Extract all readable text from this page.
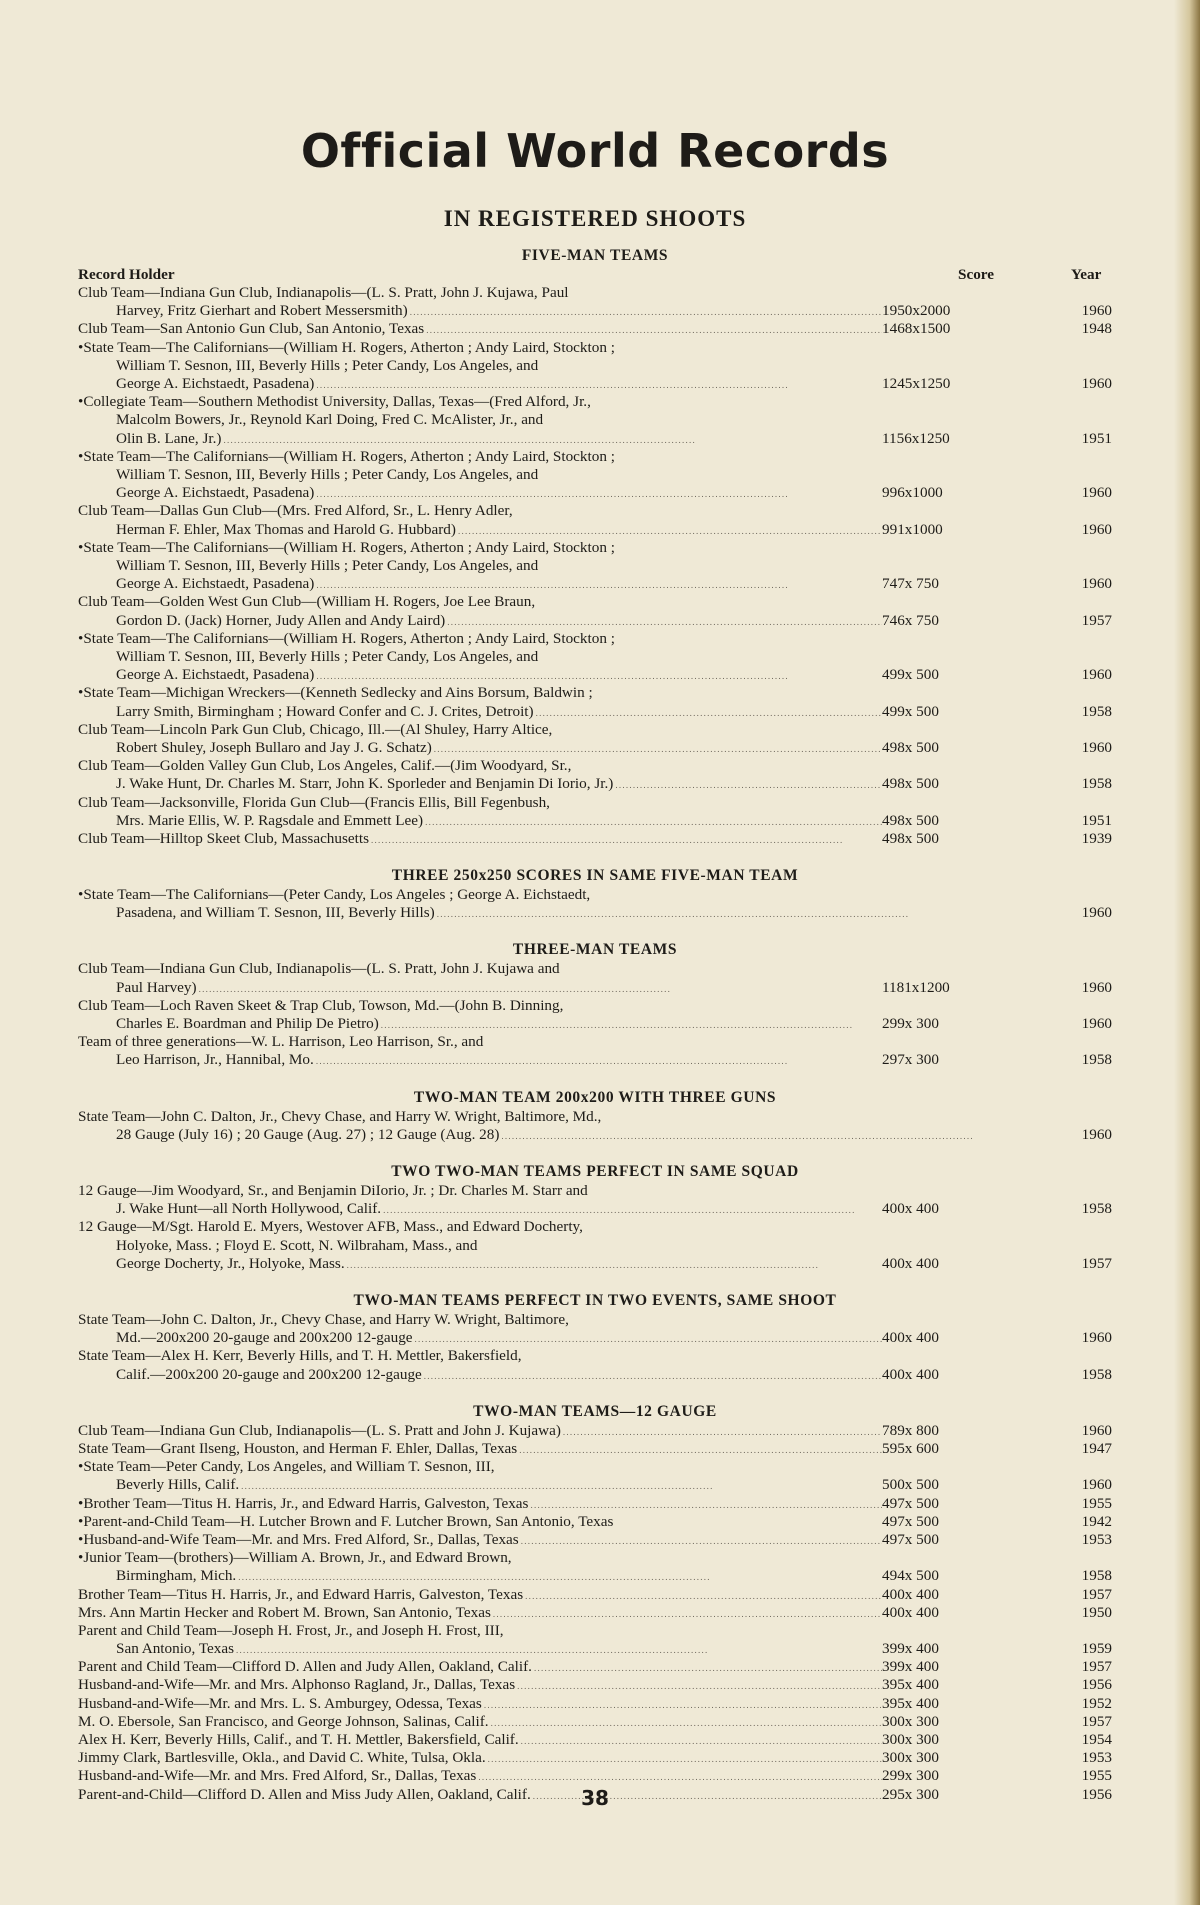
Official World Records
IN REGISTERED SHOOTS
FIVE-MAN TEAMS
Record Holder	Score	Year
Club Team—Indiana Gun Club, Indianapolis—(L. S. Pratt, John J. Kujawa, Paul
Harvey, Fritz Gierhart and Robert Messersmith) . . .	1950x2000	1960
Club Team—San Antonio Gun Club, San Antonio, Texas . . .	1468x1500	1948
•State Team—The Californians—(William H. Rogers, Atherton ; Andy Laird, Stockton ;
William T. Sesnon, III, Beverly Hills ; Peter Candy, Los Angeles, and
George A. Eichstaedt, Pasadena) . . .	1245x1250	1960
•Collegiate Team—Southern Methodist University, Dallas, Texas—(Fred Alford, Jr.,
Malcolm Bowers, Jr., Reynold Karl Doing, Fred C. McAlister, Jr., and
Olin B. Lane, Jr.) . . .	1156x1250	1951
•State Team—The Californians—(William H. Rogers, Atherton ; Andy Laird, Stockton ;
William T. Sesnon, III, Beverly Hills ; Peter Candy, Los Angeles, and
George A. Eichstaedt, Pasadena) . . .	996x1000	1960
Club Team—Dallas Gun Club—(Mrs. Fred Alford, Sr., L. Henry Adler,
Herman F. Ehler, Max Thomas and Harold G. Hubbard) . . .	991x1000	1960
•State Team—The Californians—(William H. Rogers, Atherton ; Andy Laird, Stockton ;
William T. Sesnon, III, Beverly Hills ; Peter Candy, Los Angeles, and
George A. Eichstaedt, Pasadena) . . .	747x 750	1960
Club Team—Golden West Gun Club—(William H. Rogers, Joe Lee Braun,
Gordon D. (Jack) Horner, Judy Allen and Andy Laird) . . .	746x 750	1957
•State Team—The Californians—(William H. Rogers, Atherton ; Andy Laird, Stockton ;
William T. Sesnon, III, Beverly Hills ; Peter Candy, Los Angeles, and
George A. Eichstaedt, Pasadena) . . .	499x 500	1960
•State Team—Michigan Wreckers—(Kenneth Sedlecky and Ains Borsum, Baldwin ;
Larry Smith, Birmingham ; Howard Confer and C. J. Crites, Detroit) . . .	499x 500	1958
Club Team—Lincoln Park Gun Club, Chicago, Ill.—(Al Shuley, Harry Altice,
Robert Shuley, Joseph Bullaro and Jay J. G. Schatz) . . .	498x 500	1960
Club Team—Golden Valley Gun Club, Los Angeles, Calif.—(Jim Woodyard, Sr.,
J. Wake Hunt, Dr. Charles M. Starr, John K. Sporleder and Benjamin Di Iorio, Jr.) . . .	498x 500	1958
Club Team—Jacksonville, Florida Gun Club—(Francis Ellis, Bill Fegenbush,
Mrs. Marie Ellis, W. P. Ragsdale and Emmett Lee) . . .	498x 500	1951
Club Team—Hilltop Skeet Club, Massachusetts . . .	498x 500	1939
THREE 250x250 SCORES IN SAME FIVE-MAN TEAM
•State Team—The Californians—(Peter Candy, Los Angeles ; George A. Eichstaedt,
Pasadena, and William T. Sesnon, III, Beverly Hills) . . .	1960
THREE-MAN TEAMS
Club Team—Indiana Gun Club, Indianapolis—(L. S. Pratt, John J. Kujawa and
Paul Harvey) . . .	1181x1200	1960
Club Team—Loch Raven Skeet & Trap Club, Towson, Md.—(John B. Dinning,
Charles E. Boardman and Philip De Pietro) . . .	299x 300	1960
Team of three generations—W. L. Harrison, Leo Harrison, Sr., and
Leo Harrison, Jr., Hannibal, Mo. . . .	297x 300	1958
TWO-MAN TEAM 200x200 WITH THREE GUNS
State Team—John C. Dalton, Jr., Chevy Chase, and Harry W. Wright, Baltimore, Md.,
28 Gauge (July 16) ; 20 Gauge (Aug. 27) ; 12 Gauge (Aug. 28) . . .	1960
TWO TWO-MAN TEAMS PERFECT IN SAME SQUAD
12 Gauge—Jim Woodyard, Sr., and Benjamin DiIorio, Jr. ; Dr. Charles M. Starr and
J. Wake Hunt—all North Hollywood, Calif. . . .	400x 400	1958
12 Gauge—M/Sgt. Harold E. Myers, Westover AFB, Mass., and Edward Docherty,
Holyoke, Mass. ; Floyd E. Scott, N. Wilbraham, Mass., and
George Docherty, Jr., Holyoke, Mass. . . .	400x 400	1957
TWO-MAN TEAMS PERFECT IN TWO EVENTS, SAME SHOOT
State Team—John C. Dalton, Jr., Chevy Chase, and Harry W. Wright, Baltimore,
Md.—200x200 20-gauge and 200x200 12-gauge . . .	400x 400	1960
State Team—Alex H. Kerr, Beverly Hills, and T. H. Mettler, Bakersfield,
Calif.—200x200 20-gauge and 200x200 12-gauge . . .	400x 400	1958
TWO-MAN TEAMS—12 GAUGE
Club Team—Indiana Gun Club, Indianapolis—(L. S. Pratt and John J. Kujawa) . . .	789x 800	1960
State Team—Grant Ilseng, Houston, and Herman F. Ehler, Dallas, Texas . . .	595x 600	1947
•State Team—Peter Candy, Los Angeles, and William T. Sesnon, III,
Beverly Hills, Calif. . . .	500x 500	1960
•Brother Team—Titus H. Harris, Jr., and Edward Harris, Galveston, Texas . . .	497x 500	1955
•Parent-and-Child Team—H. Lutcher Brown and F. Lutcher Brown, San Antonio, Texas	497x 500	1942
•Husband-and-Wife Team—Mr. and Mrs. Fred Alford, Sr., Dallas, Texas . . .	497x 500	1953
•Junior Team—(brothers)—William A. Brown, Jr., and Edward Brown,
Birmingham, Mich. . . .	494x 500	1958
Brother Team—Titus H. Harris, Jr., and Edward Harris, Galveston, Texas . . .	400x 400	1957
Mrs. Ann Martin Hecker and Robert M. Brown, San Antonio, Texas . . .	400x 400	1950
Parent and Child Team—Joseph H. Frost, Jr., and Joseph H. Frost, III,
San Antonio, Texas . . .	399x 400	1959
Parent and Child Team—Clifford D. Allen and Judy Allen, Oakland, Calif. . . .	399x 400	1957
Husband-and-Wife—Mr. and Mrs. Alphonso Ragland, Jr., Dallas, Texas . . .	395x 400	1956
Husband-and-Wife—Mr. and Mrs. L. S. Amburgey, Odessa, Texas . . .	395x 400	1952
M. O. Ebersole, San Francisco, and George Johnson, Salinas, Calif. . . .	300x 300	1957
Alex H. Kerr, Beverly Hills, Calif., and T. H. Mettler, Bakersfield, Calif. . . .	300x 300	1954
Jimmy Clark, Bartlesville, Okla., and David C. White, Tulsa, Okla. . . .	300x 300	1953
Husband-and-Wife—Mr. and Mrs. Fred Alford, Sr., Dallas, Texas . . .	299x 300	1955
Parent-and-Child—Clifford D. Allen and Miss Judy Allen, Oakland, Calif. . . .	295x 300	1956
38
